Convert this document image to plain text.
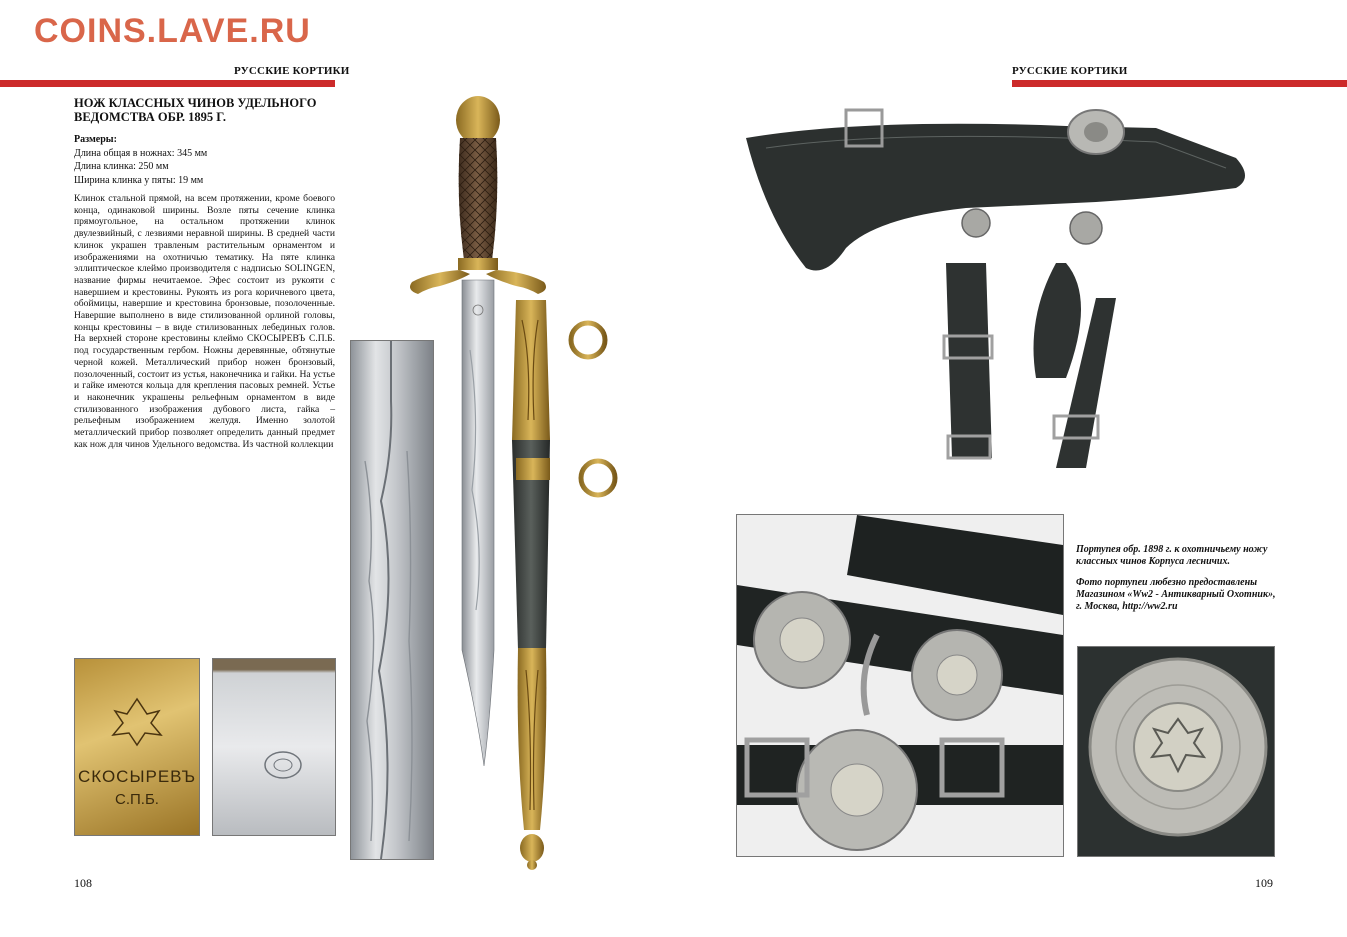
COINS.LAVE.RU
РУССКИЕ КОРТИКИ
НОЖ КЛАССНЫХ ЧИНОВ УДЕЛЬНОГО ВЕДОМСТВА ОБР. 1895 Г.
Размеры:
Длина общая в ножнах: 345 мм
Длина клинка: 250 мм
Ширина клинка у пяты: 19 мм
Клинок стальной прямой, на всем протяжении, кроме боевого конца, одинаковой ширины. Возле пяты сечение клинка прямоугольное, на остальном протяжении клинок двулезвийный, с лезвиями неравной ширины. В средней части клинок украшен травленым растительным орнаментом и изображениями на охотничью тематику. На пяте клинка эллиптическое клеймо производителя с надписью SOLINGEN, название фирмы нечитаемое. Эфес состоит из рукояти с навершием и крестовины. Рукоять из рога коричневого цвета, обоймицы, навершие и крестовина бронзовые, позолоченные. Навершие выполнено в виде стилизованной орлиной головы, концы крестовины – в виде стилизованных лебединых голов. На верхней стороне крестовины клеймо СКОСЫРЕВЪ С.П.Б. под государственным гербом. Ножны деревянные, обтянутые черной кожей. Металлический прибор ножен бронзовый, позолоченный, состоит из устья, наконечника и гайки. На устье и гайке имеются кольца для крепления пасовых ремней. Устье и наконечник украшены рельефным орнаментом в виде стилизованного изображения дубового листа, гайка – рельефным изображением желудя. Именно золотой металлический прибор позволяет определить данный предмет как нож для чинов Удельного ведомства. Из частной коллекции
СКОСЫРЕВЪ
С.П.Б.
108
РУССКИЕ КОРТИКИ

Портупея обр. 1898 г. к охотничьему ножу классных чинов Корпуса лесничих.

Фото портупеи любезно предоставлены Магазином «Ww2 - Антикварный Охотник», г. Москва, http://ww2.ru

109
